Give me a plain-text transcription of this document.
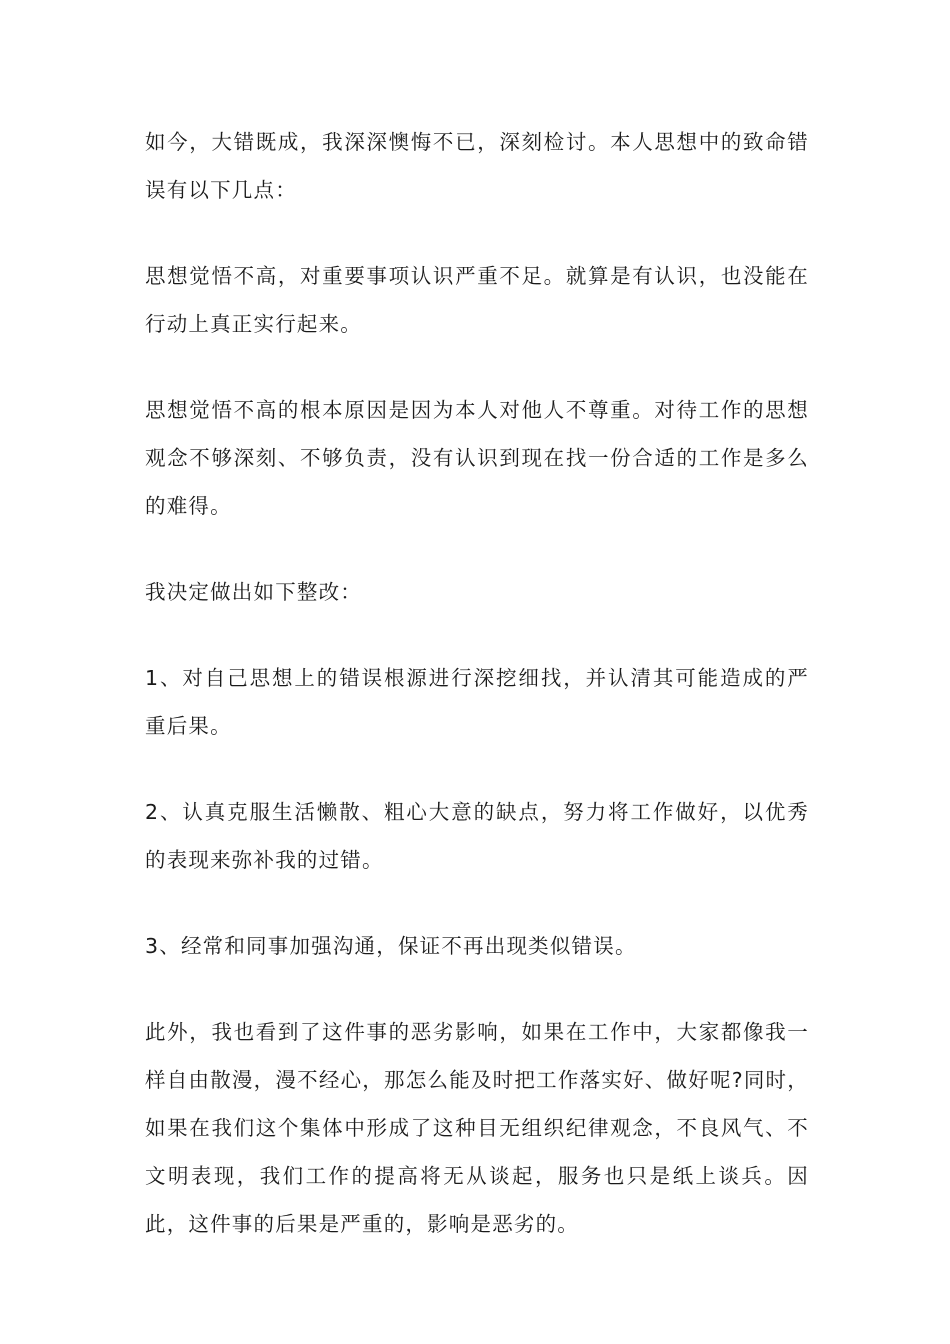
如今，大错既成，我深深懊悔不已，深刻检讨。本人思想中的致命错误有以下几点：

思想觉悟不高，对重要事项认识严重不足。就算是有认识，也没能在行动上真正实行起来。

思想觉悟不高的根本原因是因为本人对他人不尊重。对待工作的思想观念不够深刻、不够负责，没有认识到现在找一份合适的工作是多么的难得。

我决定做出如下整改：

1、对自己思想上的错误根源进行深挖细找，并认清其可能造成的严重后果。

2、认真克服生活懒散、粗心大意的缺点，努力将工作做好，以优秀的表现来弥补我的过错。

3、经常和同事加强沟通，保证不再出现类似错误。

此外，我也看到了这件事的恶劣影响，如果在工作中，大家都像我一样自由散漫，漫不经心，那怎么能及时把工作落实好、做好呢?同时，如果在我们这个集体中形成了这种目无组织纪律观念，不良风气、不文明表现，我们工作的提高将无从谈起，服务也只是纸上谈兵。因此，这件事的后果是严重的，影响是恶劣的。
